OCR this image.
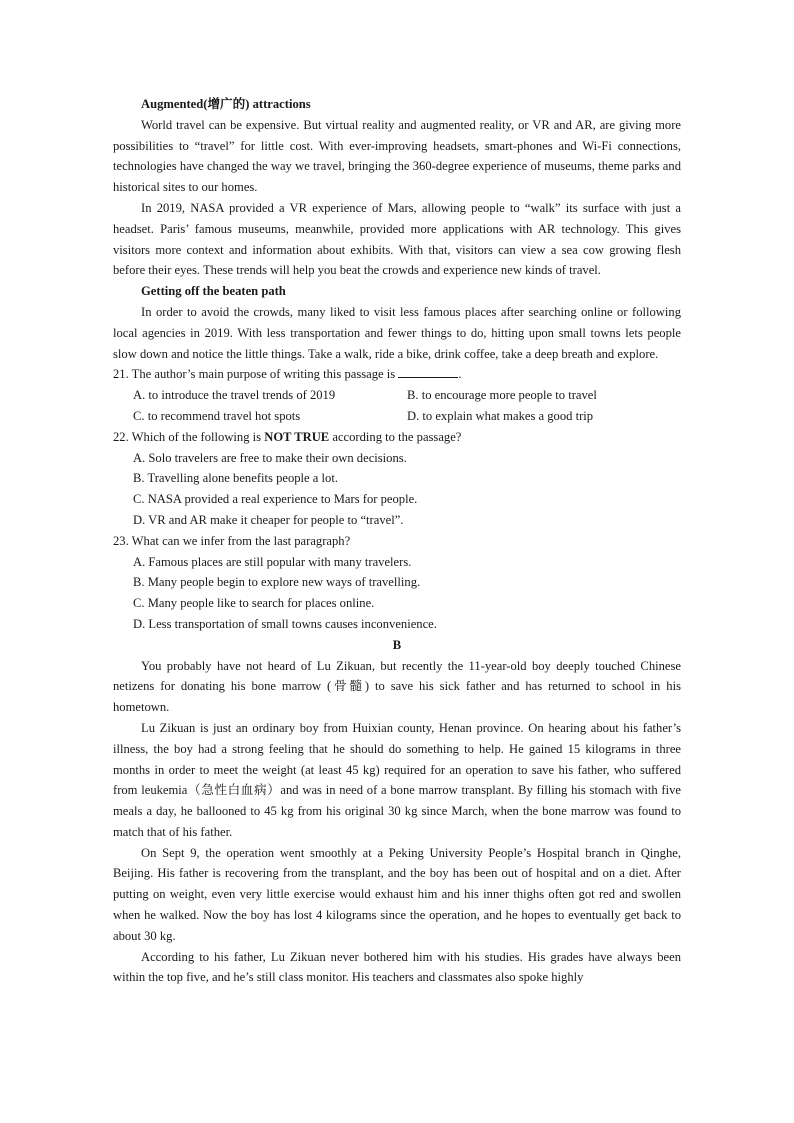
Augmented(增广的) attractions

World travel can be expensive. But virtual reality and augmented reality, or VR and AR, are giving more possibilities to “travel” for little cost. With ever-improving headsets, smart-phones and Wi-Fi connections, technologies have changed the way we travel, bringing the 360-degree experience of museums, theme parks and historical sites to our homes.

In 2019, NASA provided a VR experience of Mars, allowing people to “walk” its surface with just a headset. Paris’ famous museums, meanwhile, provided more applications with AR technology. This gives visitors more context and information about exhibits. With that, visitors can view a sea cow growing flesh before their eyes. These trends will help you beat the crowds and experience new kinds of travel.

Getting off the beaten path

In order to avoid the crowds, many liked to visit less famous places after searching online or following local agencies in 2019. With less transportation and fewer things to do, hitting upon small towns lets people slow down and notice the little things. Take a walk, ride a bike, drink coffee, take a deep breath and explore.

21. The author’s main purpose of writing this passage is	.

A. to introduce the travel trends of 2019	B. to encourage more people to travel
C. to recommend travel hot spots	D. to explain what makes a good trip

22. Which of the following is NOT TRUE according to the passage?

A. Solo travelers are free to make their own decisions.

B. Travelling alone benefits people a lot.

C. NASA provided a real experience to Mars for people.

D. VR and AR make it cheaper for people to “travel”.

23. What can we infer from the last paragraph?

A. Famous places are still popular with many travelers.

B. Many people begin to explore new ways of travelling.

C. Many people like to search for places online.

D. Less transportation of small towns causes inconvenience.

B

You probably have not heard of Lu Zikuan, but recently the 11-year-old boy deeply touched Chinese netizens for donating his bone marrow (骨髓) to save his sick father and has returned to school in his hometown.

Lu Zikuan is just an ordinary boy from Huixian county, Henan province. On hearing about his father’s illness, the boy had a strong feeling that he should do something to help. He gained 15 kilograms in three months in order to meet the weight (at least 45 kg) required for an operation to save his father, who suffered from leukemia（急性白血病）and was in need of a bone marrow transplant. By filling his stomach with five meals a day, he ballooned to 45 kg from his original 30 kg since March, when the bone marrow was found to match that of his father.

On Sept 9, the operation went smoothly at a Peking University People’s Hospital branch in Qinghe, Beijing. His father is recovering from the transplant, and the boy has been out of hospital and on a diet. After putting on weight, even very little exercise would exhaust him and his inner thighs often got red and swollen when he walked. Now the boy has lost 4 kilograms since the operation, and he hopes to eventually get back to about 30 kg.

According to his father, Lu Zikuan never bothered him with his studies. His grades have always been within the top five, and he’s still class monitor. His teachers and classmates also spoke highly
